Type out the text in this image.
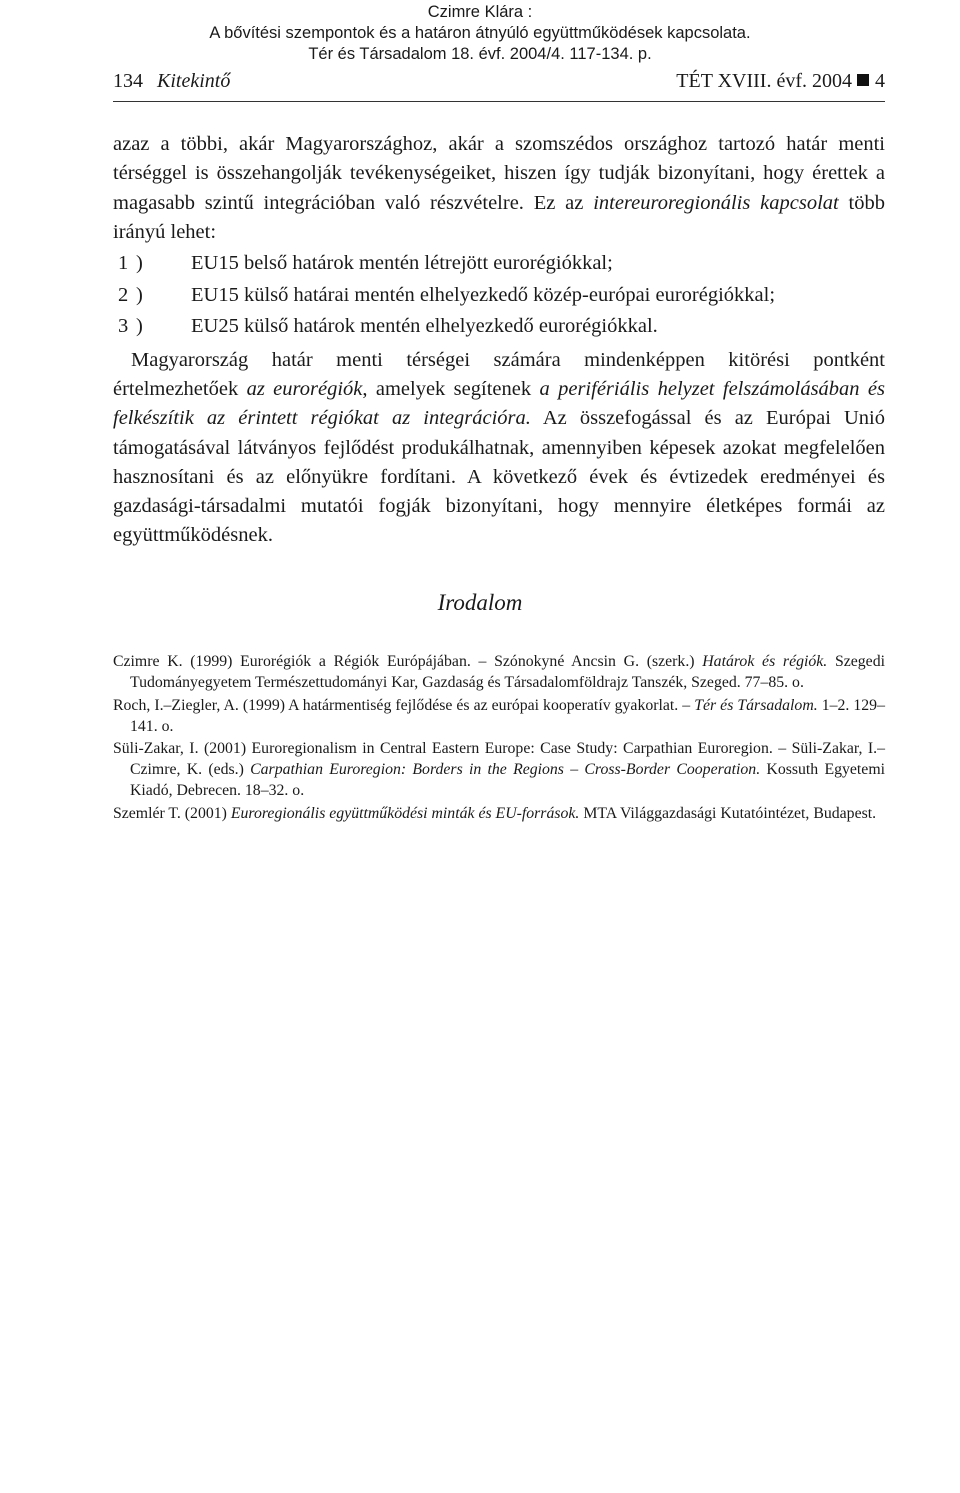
Czimre Klára :
A bővítési szempontok és a határon átnyúló együttműködések kapcsolata.
Tér és Társadalom 18. évf. 2004/4. 117-134. p.
134 Kitekintő	TÉT XVIII. évf. 2004 4

azaz a többi, akár Magyarországhoz, akár a szomszédos országhoz tartozó határ menti térséggel is összehangolják tevékenységeiket, hiszen így tudják bizonyítani, hogy érettek a magasabb szintű integrációban való részvételre. Ez az intereuroregionális kapcsolat több irányú lehet:

1 )	EU15 belső határok mentén létrejött eurorégiókkal;
2 )	EU15 külső határai mentén elhelyezkedő közép-európai eurorégiókkal;
3 )	EU25 külső határok mentén elhelyezkedő eurorégiókkal.

Magyarország határ menti térségei számára mindenképpen kitörési pontként értelmezhetőek az eurorégiók, amelyek segítenek a perifériális helyzet felszámolásában és felkészítik az érintett régiókat az integrációra. Az összefogással és az Európai Unió támogatásával látványos fejlődést produkálhatnak, amennyiben képesek azokat megfelelően hasznosítani és az előnyükre fordítani. A következő évek és évtizedek eredményei és gazdasági-társadalmi mutatói fogják bizonyítani, hogy mennyire életképes formái az együttműködésnek.

Irodalom

Czimre K. (1999) Eurorégiók a Régiók Európájában. – Szónokyné Ancsin G. (szerk.) Határok és régiók. Szegedi Tudományegyetem Természettudományi Kar, Gazdaság és Társadalomföldrajz Tanszék, Szeged. 77–85. o.

Roch, I.–Ziegler, A. (1999) A határmentiség fejlődése és az európai kooperatív gyakorlat. – Tér és Társadalom. 1–2. 129–141. o.

Süli-Zakar, I. (2001) Euroregionalism in Central Eastern Europe: Case Study: Carpathian Euroregion. – Süli-Zakar, I.–Czimre, K. (eds.) Carpathian Euroregion: Borders in the Regions – Cross-Border Cooperation. Kossuth Egyetemi Kiadó, Debrecen. 18–32. o.

Szemlér T. (2001) Euroregionális együttműködési minták és EU-források. MTA Világgazdasági Kutatóintézet, Budapest.
